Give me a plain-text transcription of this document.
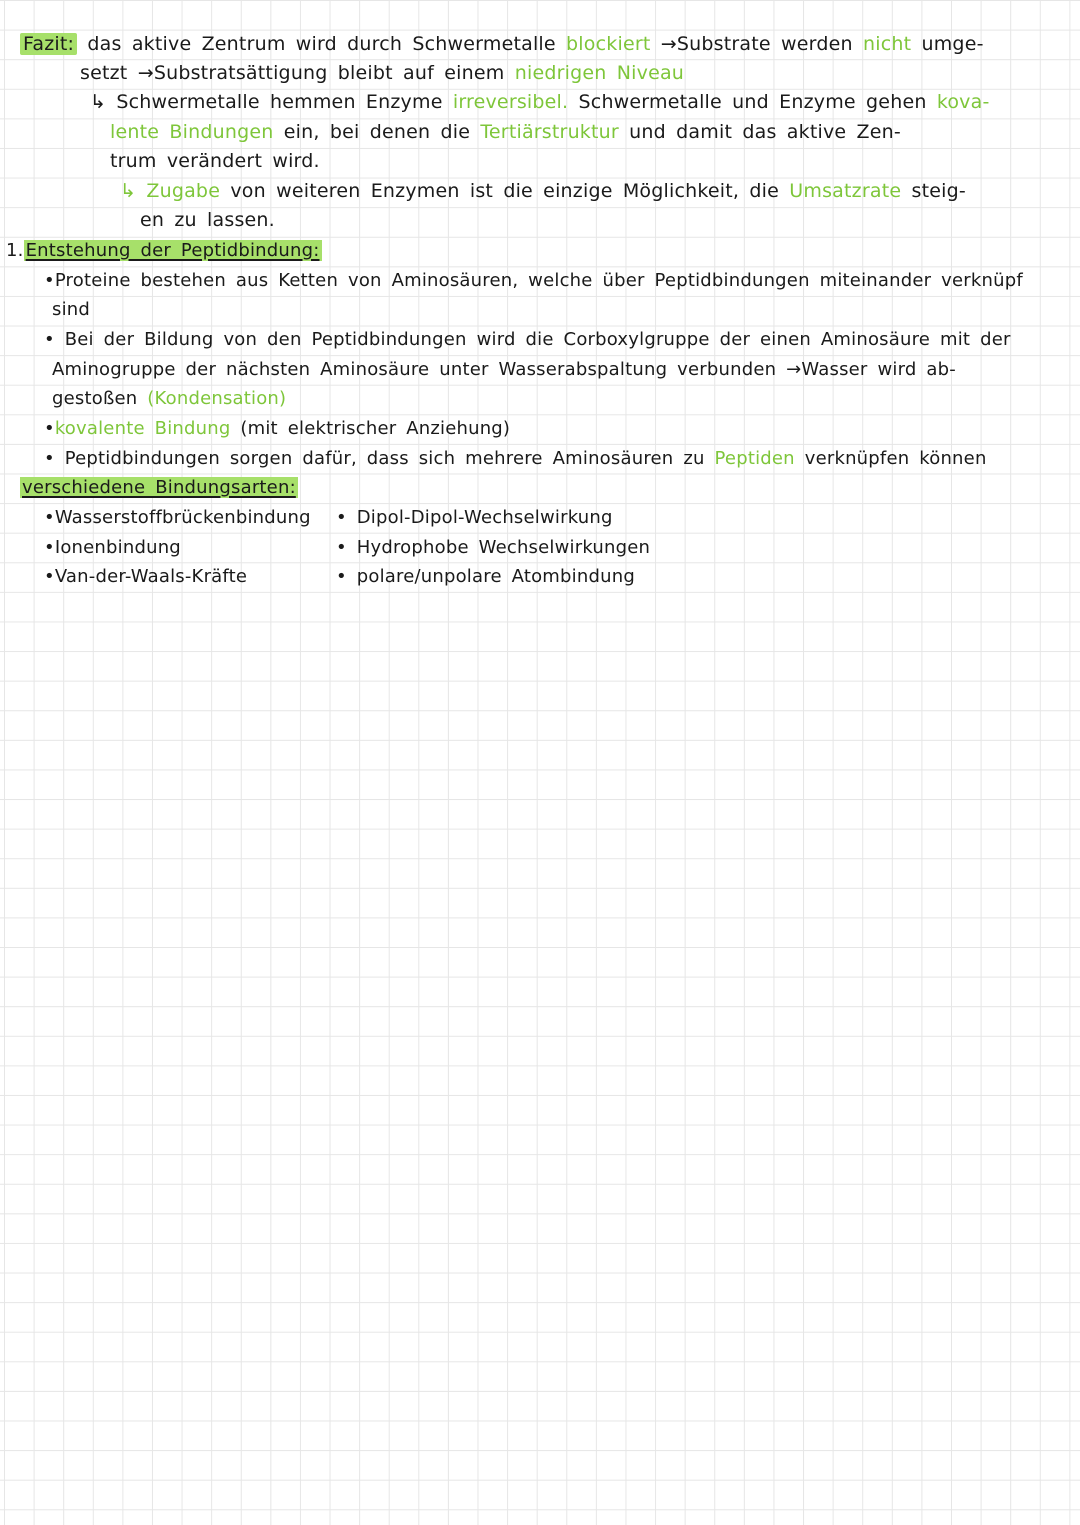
Fazit: das aktive Zentrum wird durch Schwermetalle blockiert →Substrate werden nicht umge-
setzt →Substratsättigung bleibt auf einem niedrigen Niveau
↳ Schwermetalle hemmen Enzyme irreversibel. Schwermetalle und Enzyme gehen kova-
lente Bindungen ein, bei denen die Tertiärstruktur und damit das aktive Zen-
trum verändert wird.
↳ Zugabe von weiteren Enzymen ist die einzige Möglichkeit, die Umsatzrate steig-
en zu lassen.
1. Entstehung der Peptidbindung:
•Proteine bestehen aus Ketten von Aminosäuren, welche über Peptidbindungen miteinander verknüpf
sind
• Bei der Bildung von den Peptidbindungen wird die Corboxylgruppe der einen Aminosäure mit der
Aminogruppe der nächsten Aminosäure unter Wasserabspaltung verbunden →Wasser wird ab-
gestoßen (Kondensation)
•kovalente Bindung (mit elektrischer Anziehung)
• Peptidbindungen sorgen dafür, dass sich mehrere Aminosäuren zu Peptiden verknüpfen können
verschiedene Bindungsarten:
•Wasserstoffbrückenbindung
•Ionenbindung
•Van-der-Waals-Kräfte
• Dipol-Dipol-Wechselwirkung
• Hydrophobe Wechselwirkungen
• polare/unpolare Atombindung
